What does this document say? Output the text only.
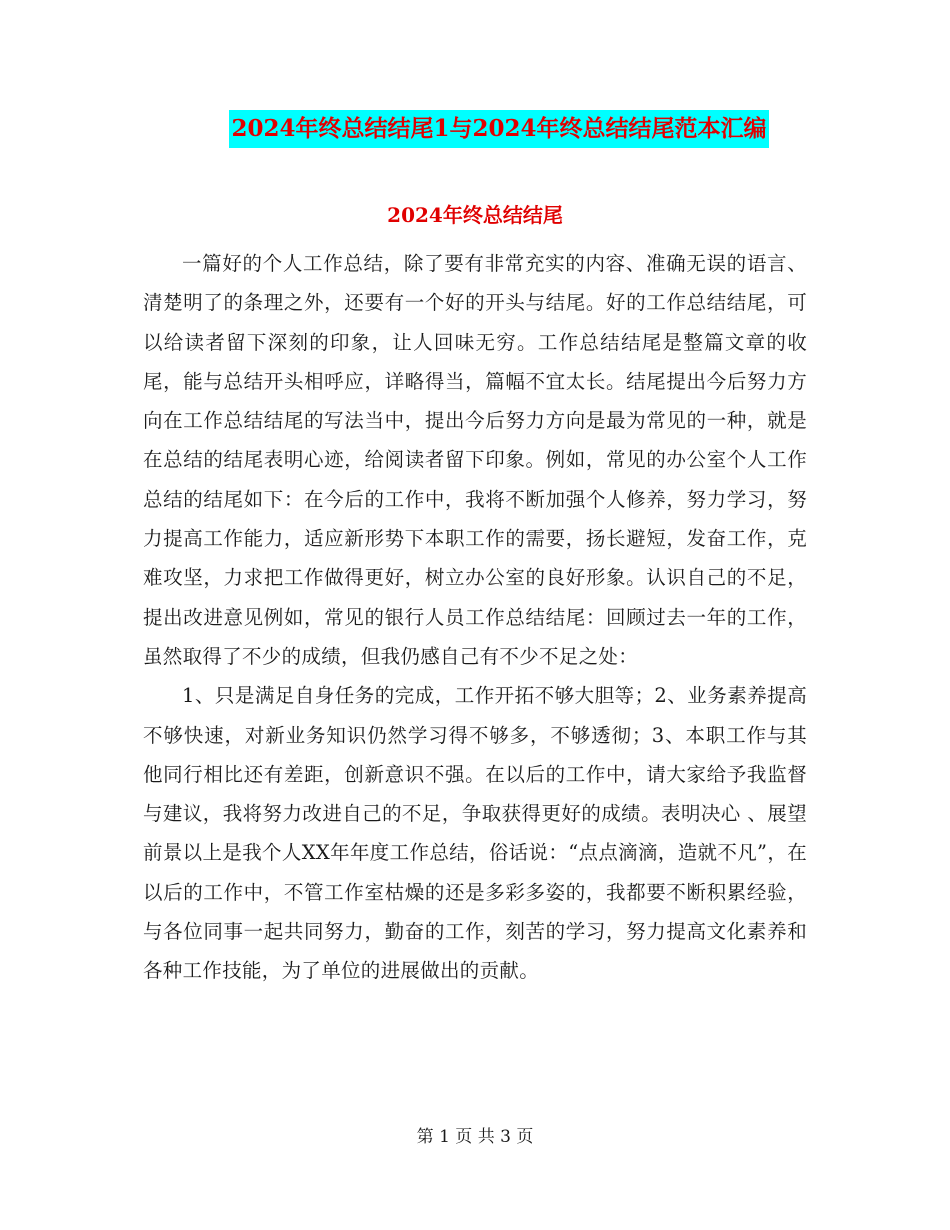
2024年终总结结尾1与2024年终总结结尾范本汇编
2024年终总结结尾

一篇好的个人工作总结，除了要有非常充实的内容、准确无误的语言、清楚明了的条理之外，还要有一个好的开头与结尾。好的工作总结结尾，可以给读者留下深刻的印象，让人回味无穷。工作总结结尾是整篇文章的收尾，能与总结开头相呼应，详略得当，篇幅不宜太长。结尾提出今后努力方向在工作总结结尾的写法当中，提出今后努力方向是最为常见的一种，就是在总结的结尾表明心迹，给阅读者留下印象。例如，常见的办公室个人工作总结的结尾如下：在今后的工作中，我将不断加强个人修养，努力学习，努力提高工作能力，适应新形势下本职工作的需要，扬长避短，发奋工作，克难攻坚，力求把工作做得更好，树立办公室的良好形象。认识自己的不足，提出改进意见例如，常见的银行人员工作总结结尾：回顾过去一年的工作，虽然取得了不少的成绩，但我仍感自己有不少不足之处：

1、只是满足自身任务的完成，工作开拓不够大胆等；2、业务素养提高不够快速，对新业务知识仍然学习得不够多，不够透彻；3、本职工作与其他同行相比还有差距，创新意识不强。在以后的工作中，请大家给予我监督与建议，我将努力改进自己的不足，争取获得更好的成绩。表明决心 、展望前景以上是我个人XX年年度工作总结，俗话说：“点点滴滴，造就不凡”，在以后的工作中，不管工作室枯燥的还是多彩多姿的，我都要不断积累经验，与各位同事一起共同努力，勤奋的工作，刻苦的学习，努力提高文化素养和各种工作技能，为了单位的进展做出的贡献。

第 1 页 共 3 页
